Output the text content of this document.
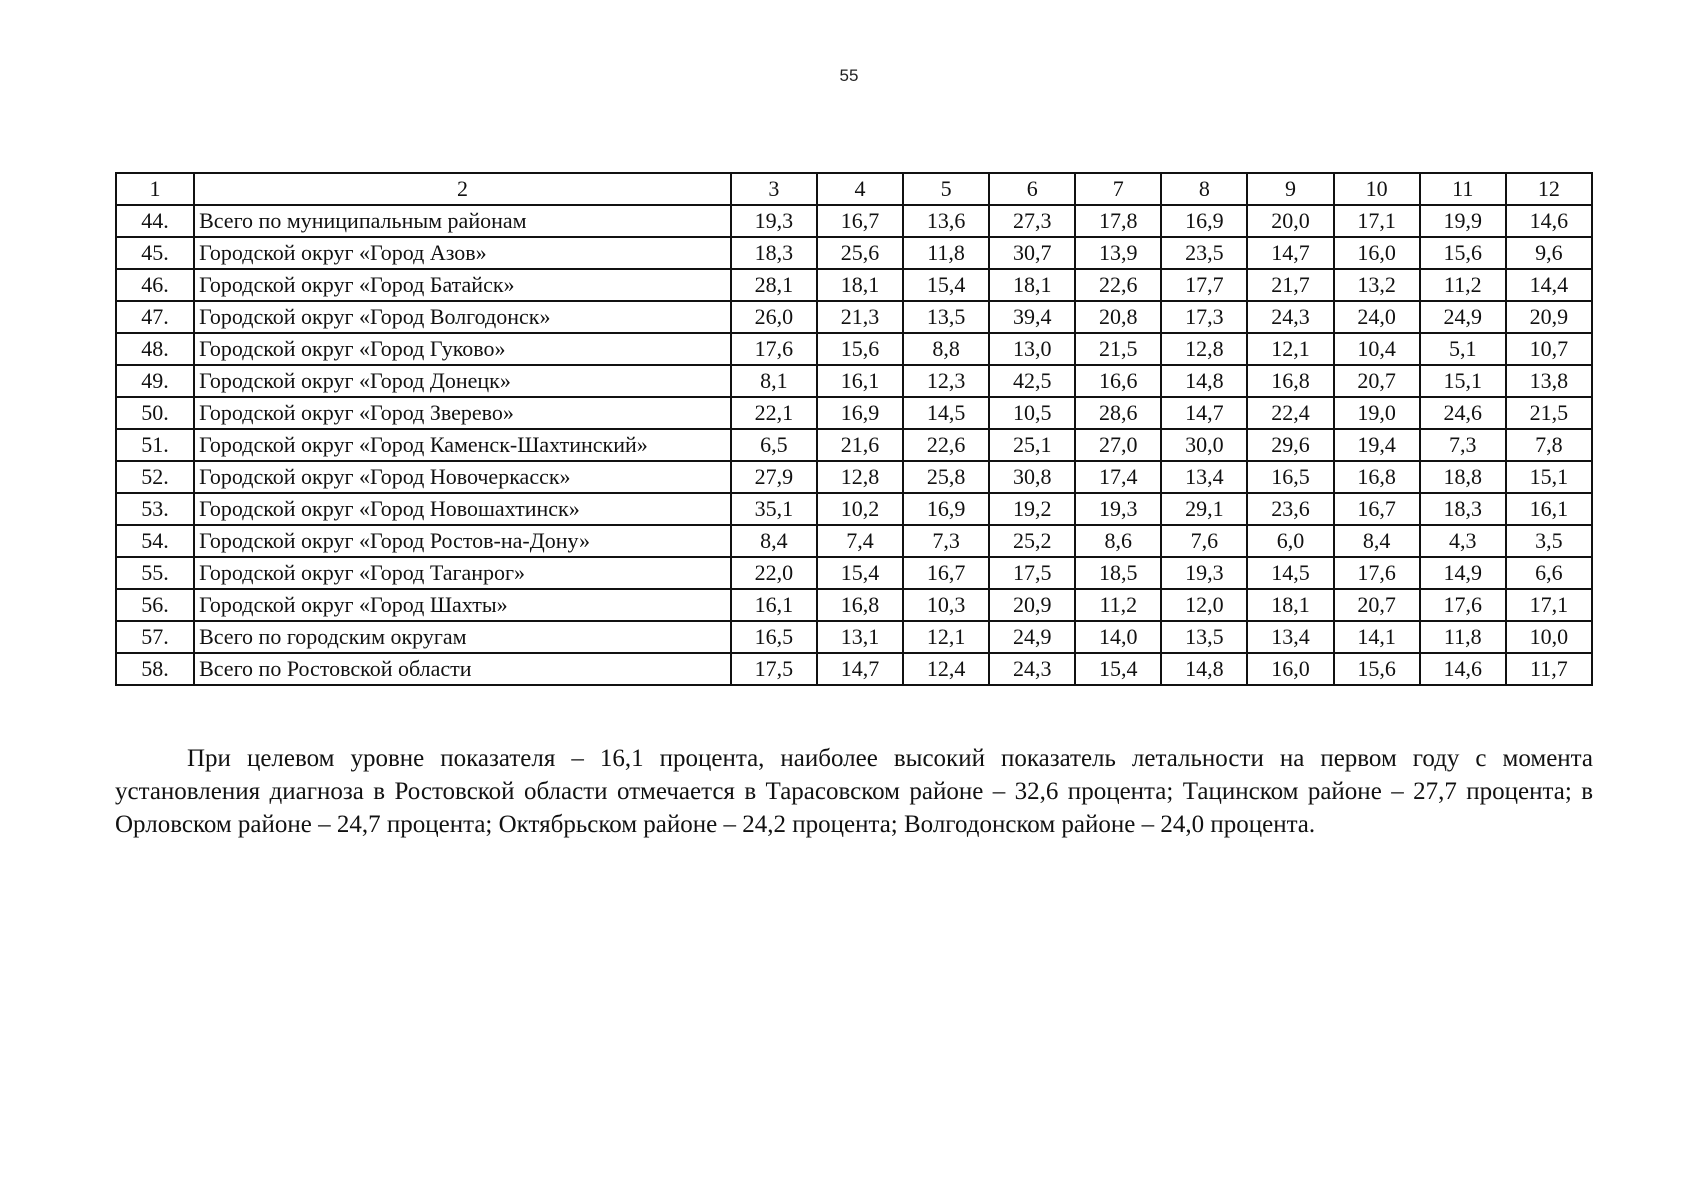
55
1	2	3	4	5	6	7	8	9	10	11	12
44.	Всего по муниципальным районам	19,3	16,7	13,6	27,3	17,8	16,9	20,0	17,1	19,9	14,6
45.	Городской округ «Город Азов»	18,3	25,6	11,8	30,7	13,9	23,5	14,7	16,0	15,6	9,6
46.	Городской округ «Город Батайск»	28,1	18,1	15,4	18,1	22,6	17,7	21,7	13,2	11,2	14,4
47.	Городской округ «Город Волгодонск»	26,0	21,3	13,5	39,4	20,8	17,3	24,3	24,0	24,9	20,9
48.	Городской округ «Город Гуково»	17,6	15,6	8,8	13,0	21,5	12,8	12,1	10,4	5,1	10,7
49.	Городской округ «Город Донецк»	8,1	16,1	12,3	42,5	16,6	14,8	16,8	20,7	15,1	13,8
50.	Городской округ «Город Зверево»	22,1	16,9	14,5	10,5	28,6	14,7	22,4	19,0	24,6	21,5
51.	Городской округ «Город Каменск-Шахтинский»	6,5	21,6	22,6	25,1	27,0	30,0	29,6	19,4	7,3	7,8
52.	Городской округ «Город Новочеркасск»	27,9	12,8	25,8	30,8	17,4	13,4	16,5	16,8	18,8	15,1
53.	Городской округ «Город Новошахтинск»	35,1	10,2	16,9	19,2	19,3	29,1	23,6	16,7	18,3	16,1
54.	Городской округ «Город Ростов-на-Дону»	8,4	7,4	7,3	25,2	8,6	7,6	6,0	8,4	4,3	3,5
55.	Городской округ «Город Таганрог»	22,0	15,4	16,7	17,5	18,5	19,3	14,5	17,6	14,9	6,6
56.	Городской округ «Город Шахты»	16,1	16,8	10,3	20,9	11,2	12,0	18,1	20,7	17,6	17,1
57.	Всего по городским округам	16,5	13,1	12,1	24,9	14,0	13,5	13,4	14,1	11,8	10,0
58.	Всего по Ростовской области	17,5	14,7	12,4	24,3	15,4	14,8	16,0	15,6	14,6	11,7
При целевом уровне показателя – 16,1 процента, наиболее высокий показатель летальности на первом году с момента установления диагноза в Ростовской области отмечается в Тарасовском районе – 32,6 процента; Тацинском районе – 27,7 процента; в Орловском районе – 24,7 процента; Октябрьском районе – 24,2 процента; Волгодонском районе – 24,0 процента.
